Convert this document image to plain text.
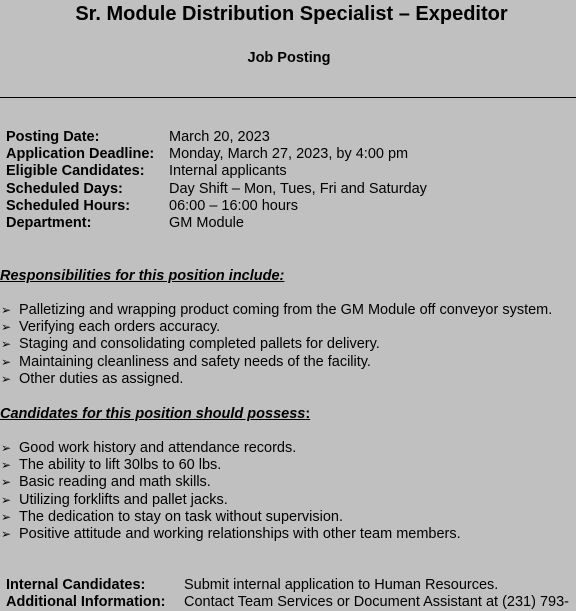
Sr. Module Distribution Specialist – Expeditor
Job Posting
Posting Date:	March 20, 2023
Application Deadline: Monday, March 27, 2023, by 4:00 pm
Eligible Candidates: Internal applicants
Scheduled Days:	Day Shift – Mon, Tues, Fri and Saturday
Scheduled Hours:	06:00 – 16:00 hours
Department:	GM Module
Responsibilities for this position include:
➢ Palletizing and wrapping product coming from the GM Module off conveyor system.
➢ Verifying each orders accuracy.
➢ Staging and consolidating completed pallets for delivery.
➢ Maintaining cleanliness and safety needs of the facility.
➢ Other duties as assigned.
Candidates for this position should possess:
➢ Good work history and attendance records.
➢ The ability to lift 30lbs to 60 lbs.
➢ Basic reading and math skills.
➢ Utilizing forklifts and pallet jacks.
➢ The dedication to stay on task without supervision.
➢ Positive attitude and working relationships with other team members.
Internal Candidates:	Submit internal application to Human Resources.
Additional Information: Contact Team Services or Document Assistant at (231) 793-
